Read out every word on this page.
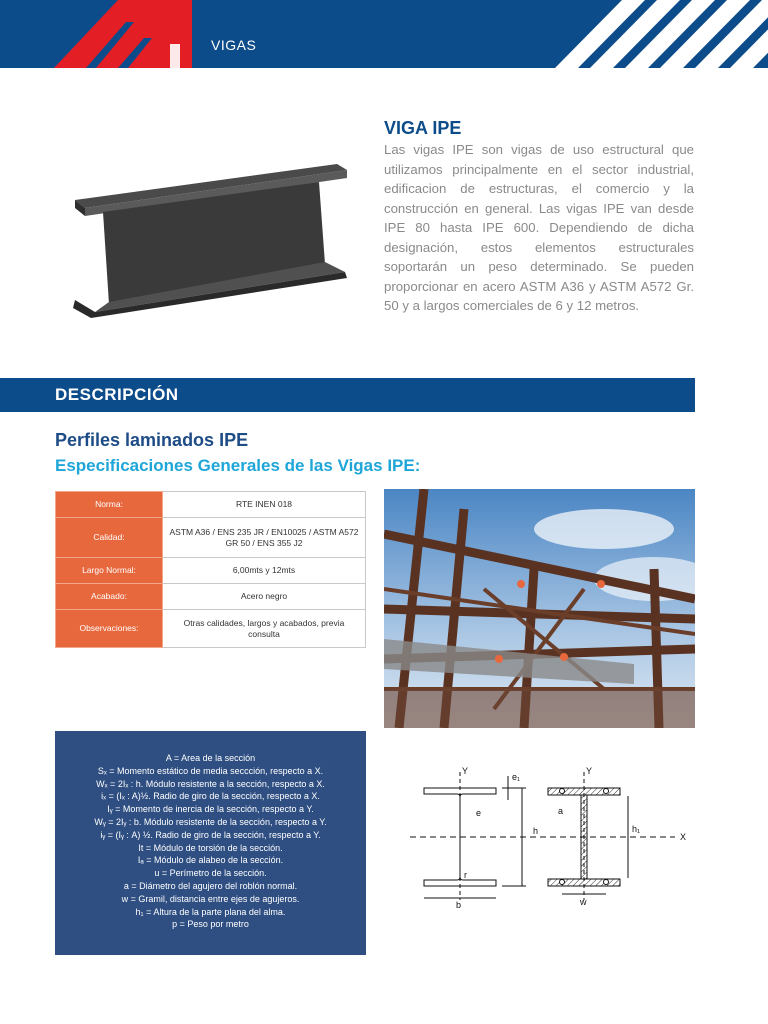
VIGAS
VIGA IPE
Las vigas IPE son vigas de uso estructural que utilizamos principalmente en el sector industrial, edificacion de estructuras, el comercio y la construcción en general. Las vigas IPE van desde IPE 80 hasta IPE 600. Dependiendo de dicha designación, estos elementos estructurales soportarán un peso determinado. Se pueden proporcionar en acero ASTM A36 y ASTM A572 Gr. 50 y a largos comerciales de 6 y 12 metros.
DESCRIPCIÓN
Perfiles laminados IPE
Especificaciones Generales de las Vigas IPE:
Norma:	RTE INEN 018
Calidad:	ASTM A36 / ENS 235 JR / EN10025 / ASTM A572 GR 50 / ENS 355 J2
Largo Normal:	6,00mts y 12mts
Acabado:	Acero negro
Observaciones:	Otras calidades, largos y acabados, previa consulta
A = Area de la sección
Sₓ = Momento estático de media seccción, respecto a X.
Wₓ = 2Iₓ : h. Módulo resistente a la sección, respecto a X.
iₓ = (Iₓ : A)½. Radio de giro de la sección, respecto a X.
Iᵧ = Momento de inercia de la sección, respecto a Y.
Wᵧ = 2Iᵧ : b. Módulo resistente de la sección, respecto a Y.
iᵧ = (Iᵧ : A) ½. Radio de giro de la sección, respecto a Y.
It = Módulo de torsión de la sección.
Iₐ = Módulo de alabeo de la sección.
u = Perímetro de la sección.
a = Diámetro del agujero del roblón normal.
w = Gramil, distancia entre ejes de agujeros.
h₁ = Altura de la parte plana del alma.
p = Peso por metro
Y
e
r
b
h
e₁
X
Y
a
h₁
w
